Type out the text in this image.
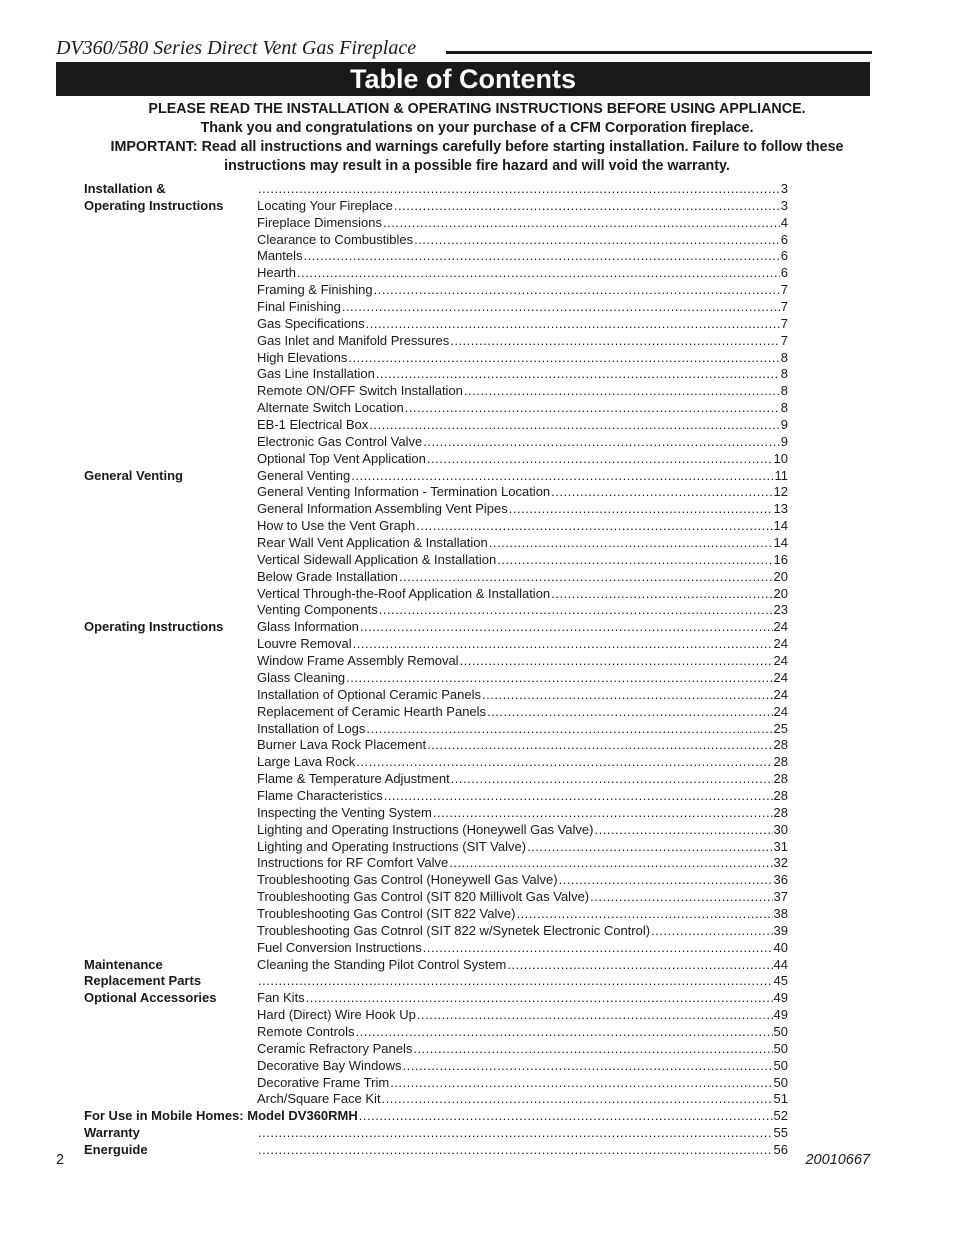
DV360/580 Series Direct Vent Gas Fireplace
Table of Contents
PLEASE READ THE INSTALLATION & OPERATING INSTRUCTIONS BEFORE USING APPLIANCE.
Thank you and congratulations on your purchase of a CFM Corporation fireplace.
IMPORTANT: Read all instructions and warnings carefully before starting installation. Failure to follow these
instructions may result in a possible fire hazard and will void the warranty.
Installation & .....	3
Operating Instructions	Locating Your Fireplace .....	3
Fireplace Dimensions .....	4
Clearance to Combustibles .....	6
Mantels .....	6
Hearth .....	6
Framing & Finishing .....	7
Final Finishing .....	7
Gas Specifications .....	7
Gas Inlet and Manifold Pressures .....	7
High Elevations .....	8
Gas Line Installation .....	8
Remote ON/OFF Switch Installation .....	8
Alternate Switch Location .....	8
EB-1 Electrical Box .....	9
Electronic Gas Control Valve .....	9
Optional Top Vent Application .....	10
General Venting	General Venting .....	11
General Venting Information - Termination Location .....	12
General Information Assembling Vent Pipes .....	13
How to Use the Vent Graph .....	14
Rear Wall Vent Application & Installation .....	14
Vertical Sidewall Application & Installation .....	16
Below Grade Installation .....	20
Vertical Through-the-Roof Application & Installation .....	20
Venting Components .....	23
Operating Instructions	Glass Information .....	24
Louvre Removal .....	24
Window Frame Assembly Removal .....	24
Glass Cleaning .....	24
Installation of Optional Ceramic Panels .....	24
Replacement of Ceramic Hearth Panels .....	24
Installation of Logs .....	25
Burner Lava Rock Placement .....	28
Large Lava Rock .....	28
Flame & Temperature Adjustment .....	28
Flame Characteristics .....	28
Inspecting the Venting System .....	28
Lighting and Operating Instructions (Honeywell Gas Valve) .....	30
Lighting and Operating Instructions (SIT Valve) .....	31
Instructions for RF Comfort Valve .....	32
Troubleshooting Gas Control (Honeywell Gas Valve) .....	36
Troubleshooting Gas Control (SIT 820 Millivolt Gas Valve) .....	37
Troubleshooting Gas Control (SIT 822 Valve) .....	38
Troubleshooting Gas Cotnrol (SIT 822 w/Synetek Electronic Control) .....	39
Fuel Conversion Instructions .....	40
Maintenance	Cleaning the Standing Pilot Control System .....	44
Replacement Parts .....	45
Optional Accessories	Fan Kits .....	49
Hard (Direct) Wire Hook Up .....	49
Remote Controls .....	50
Ceramic Refractory Panels .....	50
Decorative Bay Windows .....	50
Decorative Frame Trim .....	50
Arch/Square Face Kit .....	51
For Use in Mobile Homes: Model DV360RMH .....	52
Warranty .....	55
Energuide .....	56
2	20010667
